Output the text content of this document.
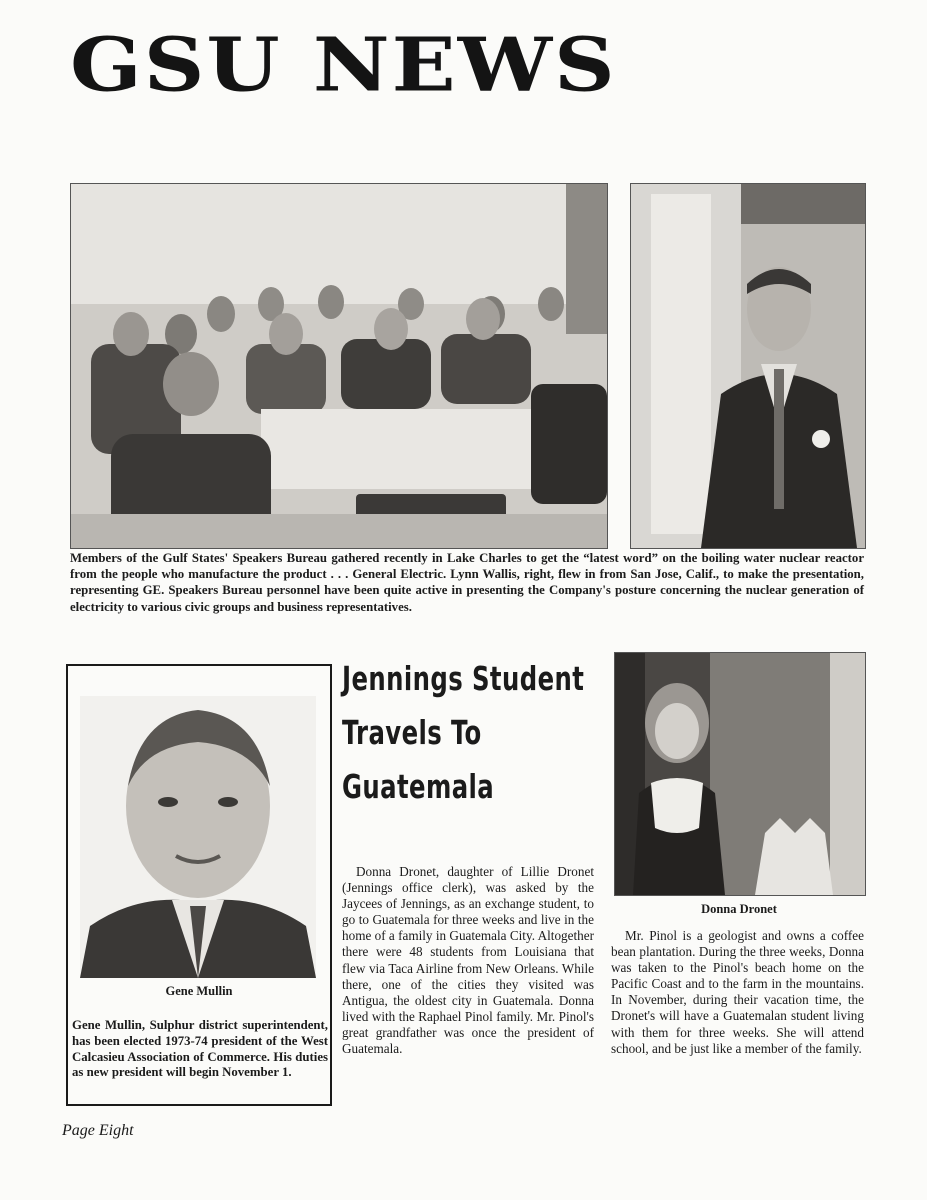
GSU NEWS

Members of the Gulf States' Speakers Bureau gathered recently in Lake Charles to get the “latest word” on the boiling water nuclear reactor from the people who manufacture the product . . . General Electric. Lynn Wallis, right, flew in from San Jose, Calif., to make the presentation, representing GE. Speakers Bureau personnel have been quite active in presenting the Company's posture concerning the nuclear generation of electricity to various civic groups and business representatives.

Gene Mullin

Gene Mullin, Sulphur district superintendent, has been elected 1973-74 president of the West Calcasieu Association of Commerce. His duties as new president will begin November 1.

Jennings Student

Travels To

Guatemala

Donna Dronet, daughter of Lillie Dronet (Jennings office clerk), was asked by the Jaycees of Jennings, as an exchange student, to go to Guatemala for three weeks and live in the home of a family in Guatemala City. Altogether there were 48 students from Louisiana that flew via Taca Airline from New Orleans. While there, one of the cities they visited was Antigua, the oldest city in Guatemala. Donna lived with the Raphael Pinol family. Mr. Pinol's great grandfather was once the president of Guatemala.

Donna Dronet

Mr. Pinol is a geologist and owns a coffee bean plantation. During the three weeks, Donna was taken to the Pinol's beach home on the Pacific Coast and to the farm in the mountains. In November, during their vacation time, the Dronet's will have a Guatemalan student living with them for three weeks. She will attend school, and be just like a member of the family.

Page Eight
